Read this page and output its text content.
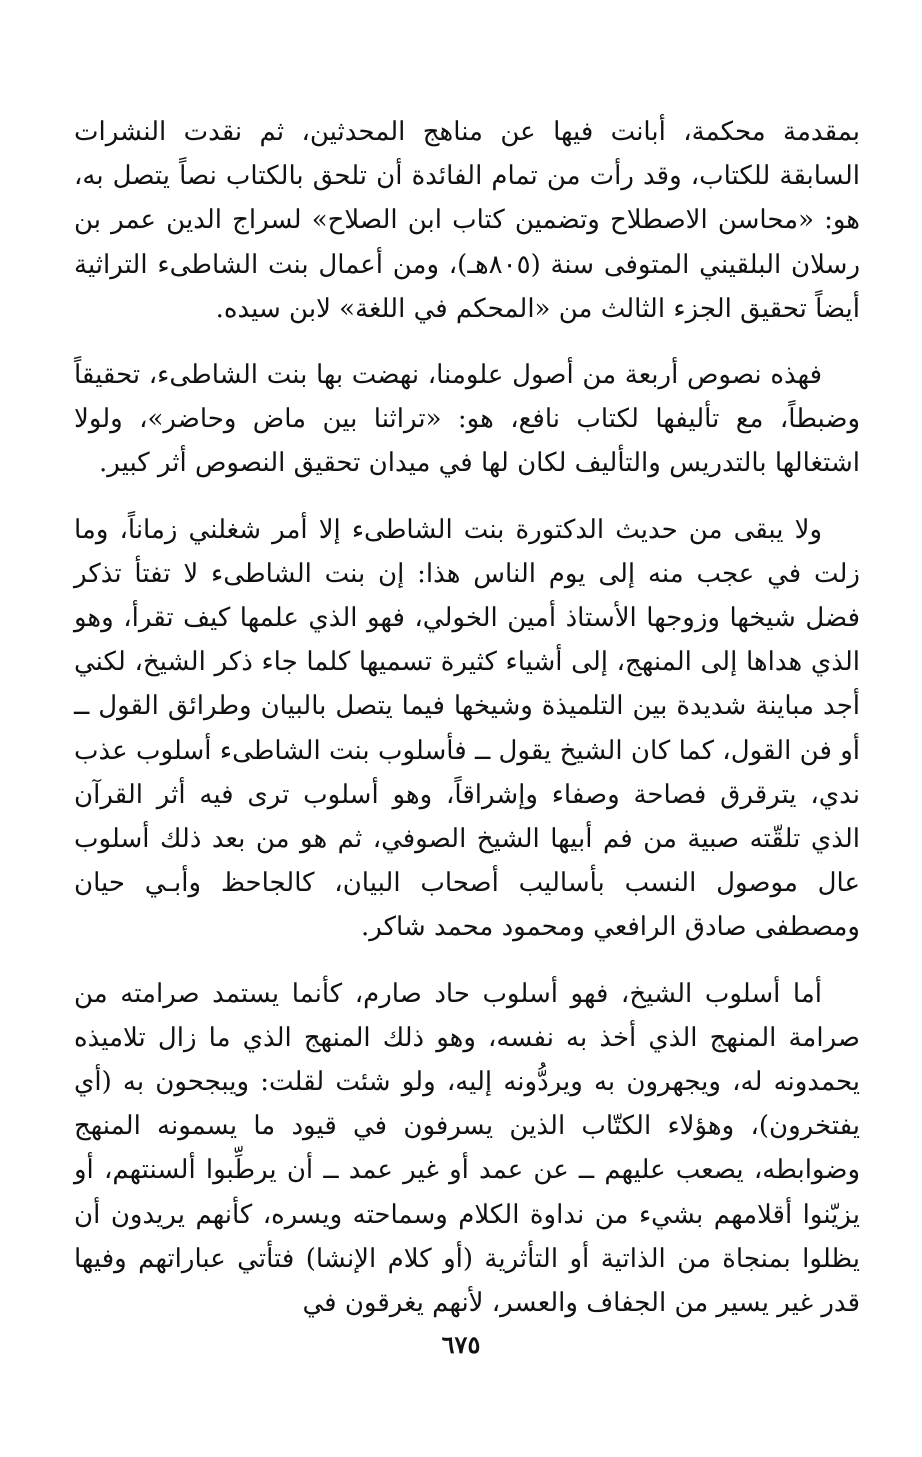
بمقدمة محكمة، أبانت فيها عن مناهج المحدثين، ثم نقدت النشرات السابقة للكتاب، وقد رأت من تمام الفائدة أن تلحق بالكتاب نصاً يتصل به، هو: «محاسن الاصطلاح وتضمين كتاب ابن الصلاح» لسراج الدين عمر بن رسلان البلقيني المتوفى سنة (٨٠٥هـ)، ومن أعمال بنت الشاطىء التراثية أيضاً تحقيق الجزء الثالث من «المحكم في اللغة» لابن سيده.

فهذه نصوص أربعة من أصول علومنا، نهضت بها بنت الشاطىء، تحقيقاً وضبطاً، مع تأليفها لكتاب نافع، هو: «تراثنا بين ماض وحاضر»، ولولا اشتغالها بالتدريس والتأليف لكان لها في ميدان تحقيق النصوص أثر كبير.

ولا يبقى من حديث الدكتورة بنت الشاطىء إلا أمر شغلني زماناً، وما زلت في عجب منه إلى يوم الناس هذا: إن بنت الشاطىء لا تفتأ تذكر فضل شيخها وزوجها الأستاذ أمين الخولي، فهو الذي علمها كيف تقرأ، وهو الذي هداها إلى المنهج، إلى أشياء كثيرة تسميها كلما جاء ذكر الشيخ، لكني أجد مباينة شديدة بين التلميذة وشيخها فيما يتصل بالبيان وطرائق القول ــ أو فن القول، كما كان الشيخ يقول ــ فأسلوب بنت الشاطىء أسلوب عذب ندي، يترقرق فصاحة وصفاء وإشراقاً، وهو أسلوب ترى فيه أثر القرآن الذي تلقّته صبية من فم أبيها الشيخ الصوفي، ثم هو من بعد ذلك أسلوب عال موصول النسب بأساليب أصحاب البيان، كالجاحظ وأبـي حيان ومصطفى صادق الرافعي ومحمود محمد شاكر.

أما أسلوب الشيخ، فهو أسلوب حاد صارم، كأنما يستمد صرامته من صرامة المنهج الذي أخذ به نفسه، وهو ذلك المنهج الذي ما زال تلاميذه يحمدونه له، ويجهرون به ويردُّونه إليه، ولو شئت لقلت: ويبجحون به (أي يفتخرون)، وهؤلاء الكتّاب الذين يسرفون في قيود ما يسمونه المنهج وضوابطه، يصعب عليهم ــ عن عمد أو غير عمد ــ أن يرطِّبوا ألسنتهم، أو يزيّنوا أقلامهم بشيء من نداوة الكلام وسماحته ويسره، كأنهم يريدون أن يظلوا بمنجاة من الذاتية أو التأثرية (أو كلام الإنشا) فتأتي عباراتهم وفيها قدر غير يسير من الجفاف والعسر، لأنهم يغرقون في

٦٧٥
